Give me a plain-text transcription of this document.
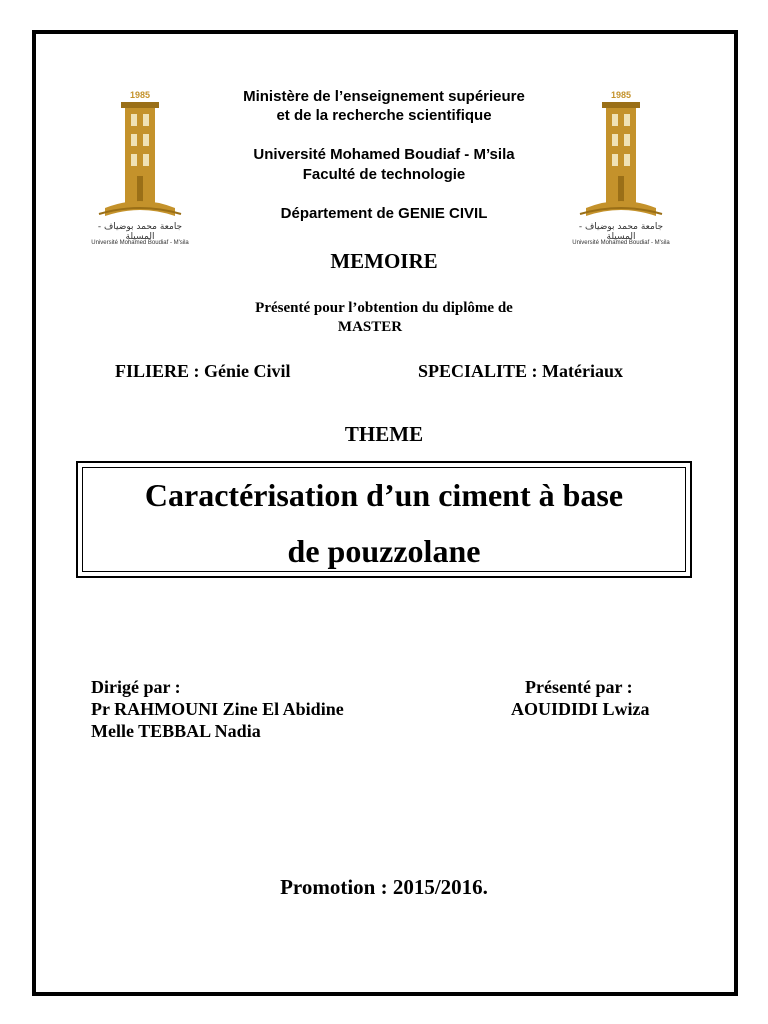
1985
جامعة محمد بوضياف - المسيلة
Université Mohamed Boudiaf - M'sila
1985
جامعة محمد بوضياف - المسيلة
Université Mohamed Boudiaf - M'sila
Ministère de l’enseignement supérieure
et de la recherche scientifique
Université Mohamed Boudiaf - M’sila
Faculté de technologie
Département de GENIE CIVIL
MEMOIRE
Présenté pour l’obtention du diplôme de
MASTER
FILIERE : Génie Civil	SPECIALITE : Matériaux
THEME
Caractérisation d’un ciment à base
de pouzzolane
Dirigé par :
Pr RAHMOUNI Zine El Abidine
Melle TEBBAL Nadia
Présenté par :
AOUIDIDI Lwiza
Promotion : 2015/2016.
